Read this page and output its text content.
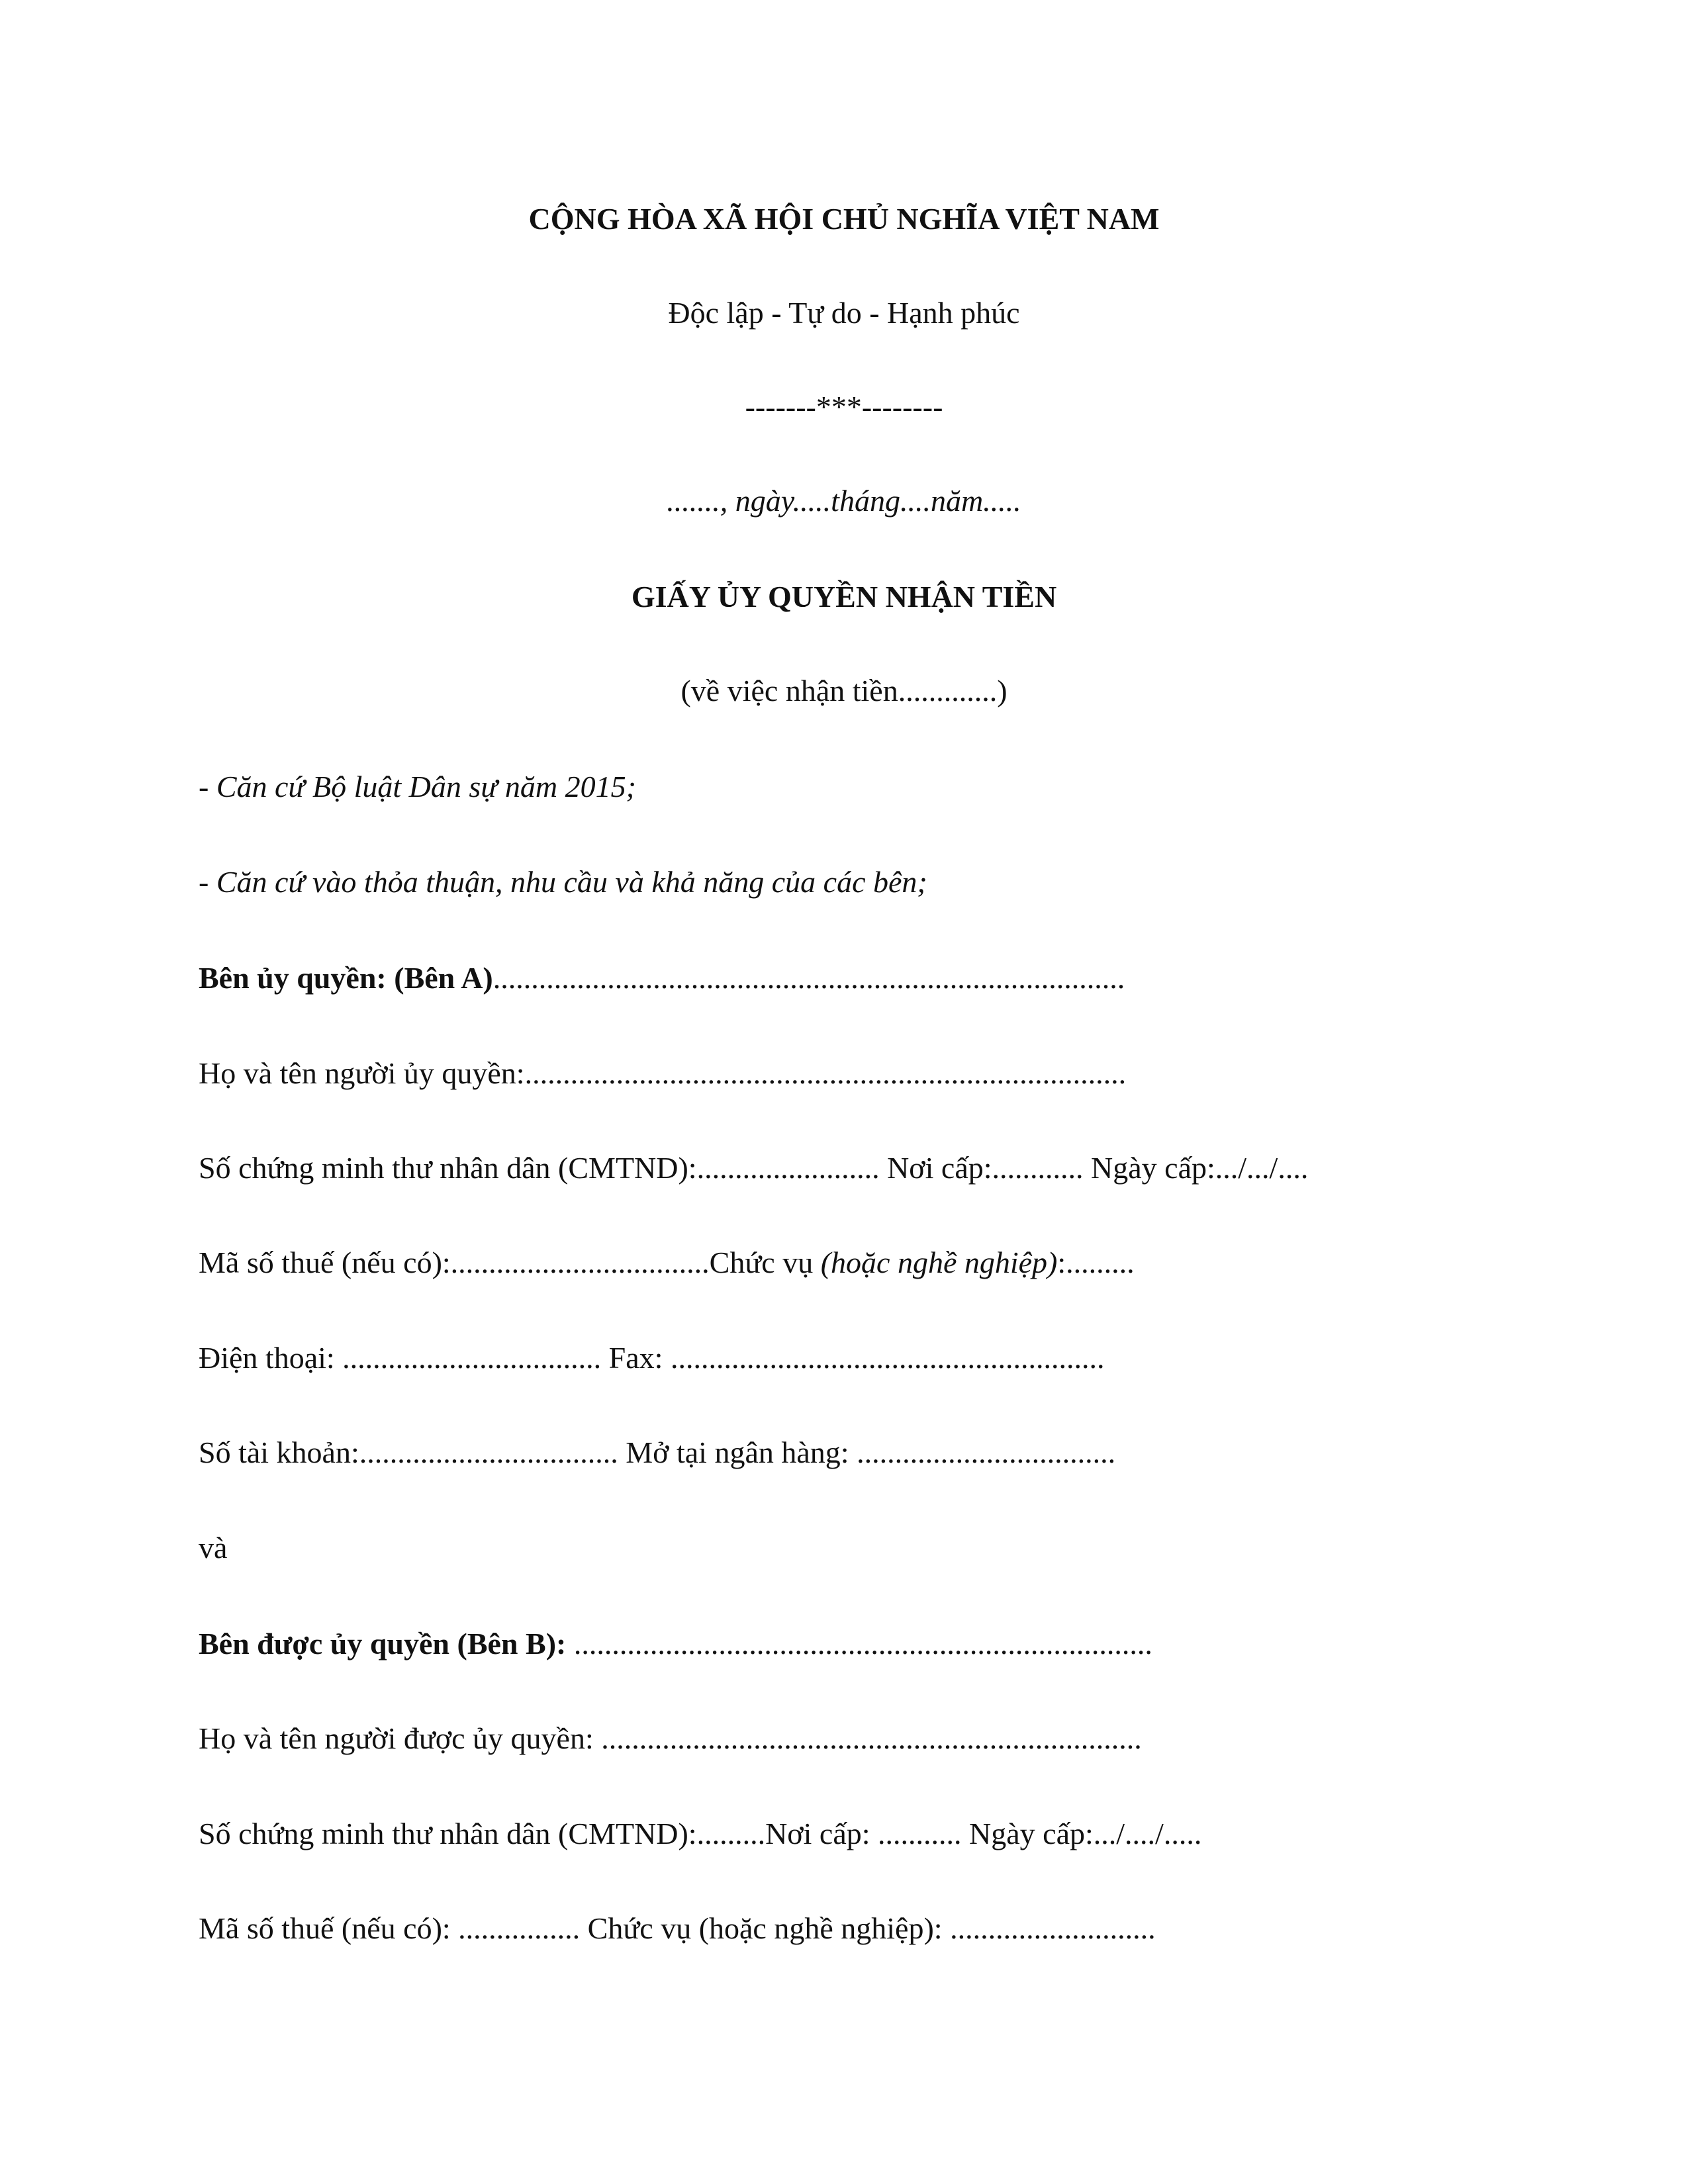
CỘNG HÒA XÃ HỘI CHỦ NGHĨA VIỆT NAM
Độc lập - Tự do - Hạnh phúc
-------***--------
......., ngày.....tháng....năm.....
GIẤY ỦY QUYỀN NHẬN TIỀN
(về việc nhận tiền.............)
- Căn cứ Bộ luật Dân sự năm 2015;
- Căn cứ vào thỏa thuận, nhu cầu và khả năng của các bên;
Bên ủy quyền: (Bên A)...................................................................................
Họ và tên người ủy quyền:...............................................................................
Số chứng minh thư nhân dân (CMTND):........................ Nơi cấp:............ Ngày cấp:.../.../....
Mã số thuế (nếu có):..................................Chức vụ (hoặc nghề nghiệp):.........
Điện thoại: .................................. Fax: .........................................................
Số tài khoản:.................................. Mở tại ngân hàng: ..................................
và
Bên được ủy quyền (Bên B): ............................................................................
Họ và tên người được ủy quyền: .......................................................................
Số chứng minh thư nhân dân (CMTND):.........Nơi cấp: ........... Ngày cấp:.../..../.....
Mã số thuế (nếu có): ................ Chức vụ (hoặc nghề nghiệp): ...........................
